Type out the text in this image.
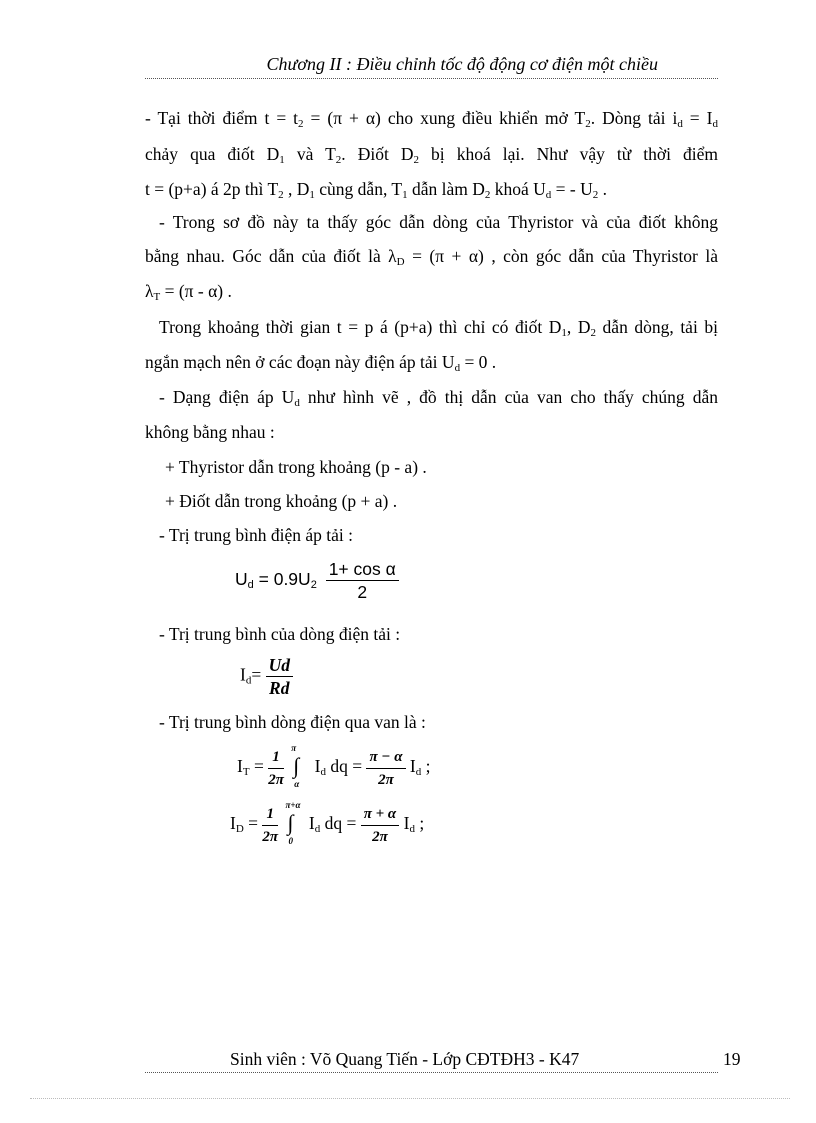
Chương II : Điều chỉnh tốc độ động cơ điện một chiều

- Tại thời điểm $t = t_2 = (\pi + \alpha)$ cho xung điều khiển mở $T_2$. Dòng tải $i_d = I_d$

chảy qua điốt $D_1$ và $T_2$. Điốt $D_2$ bị khoá lại. Như vậy từ thời điểm

t = (p+a) á 2p thì $T_2$ , $D_1$ cùng dẫn, $T_1$ dẫn làm $D_2$ khoá $U_d$ = - $U_2$ .

- Trong sơ đồ này ta thấy góc dẫn dòng của Thyristor và của điốt không

bằng nhau. Góc dẫn của điốt là $\lambda_D = (\pi + \alpha)$ , còn góc dẫn của Thyristor là

$\lambda_T = (\pi - \alpha)$ .

Trong khoảng thời gian t = p á (p+a) thì chỉ có điốt $D_1$, $D_2$ dẫn dòng, tải bị

ngắn mạch nên ở các đoạn này điện áp tải $U_d = 0$ .

- Dạng điện áp $U_d$ như hình vẽ , đồ thị dẫn của van cho thấy chúng dẫn

không bằng nhau :

+ Thyristor dẫn trong khoảng (p - a) .

+ Điốt dẫn trong khoảng (p + a) .

- Trị trung bình điện áp tải :

$U_d = 0.9U_2 \frac{\text{1+ cos α}}{2}$

- Trị trung bình của dòng điện tải :

$I_d= \frac{Ud}{Rd}$

- Trị trung bình dòng điện qua van là :

$I_T = \frac{1}{2\pi}$
π
∫
α
$I_d$ dq = $\frac{\pi - \alpha}{2\pi} I_d$ ;
$I_D = \frac{1}{2\pi}$
π+α
∫
0
$I_d$ dq = $\frac{\pi + \alpha}{2\pi} I_d$ ;
Sinh viên : Võ Quang Tiến - Lớp CĐTĐH3 - K47	19
